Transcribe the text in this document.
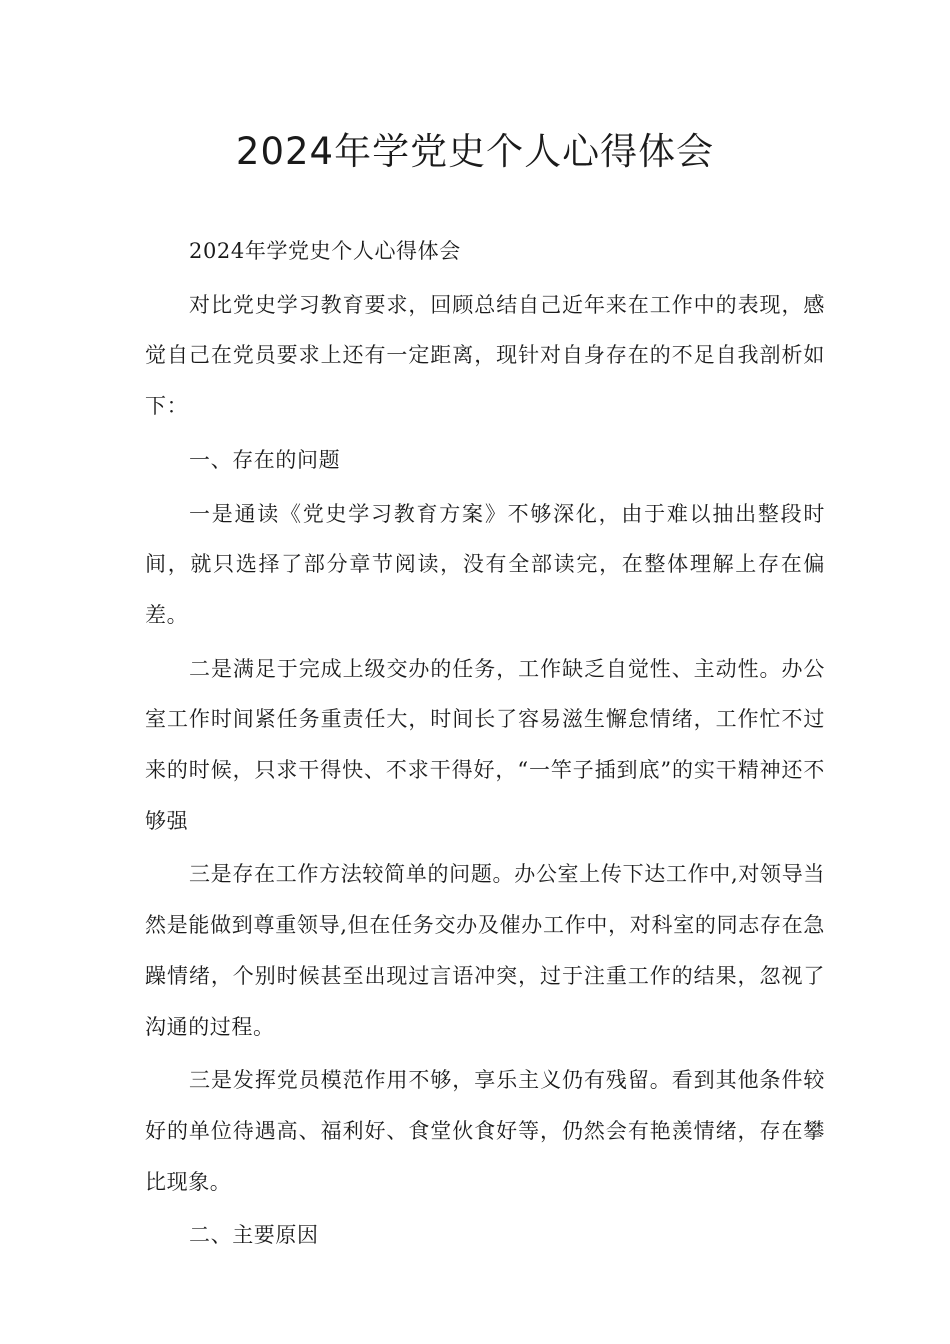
2024年学党史个人心得体会

2024年学党史个人心得体会

对比党史学习教育要求，回顾总结自己近年来在工作中的表现，感觉自己在党员要求上还有一定距离，现针对自身存在的不足自我剖析如下：

一、存在的问题

一是通读《党史学习教育方案》不够深化，由于难以抽出整段时间，就只选择了部分章节阅读，没有全部读完，在整体理解上存在偏差。

二是满足于完成上级交办的任务，工作缺乏自觉性、主动性。办公室工作时间紧任务重责任大，时间长了容易滋生懈怠情绪，工作忙不过来的时候，只求干得快、不求干得好，“一竿子插到底”的实干精神还不够强

三是存在工作方法较简单的问题。办公室上传下达工作中,对领导当然是能做到尊重领导,但在任务交办及催办工作中，对科室的同志存在急躁情绪，个别时候甚至出现过言语冲突，过于注重工作的结果，忽视了沟通的过程。

三是发挥党员模范作用不够，享乐主义仍有残留。看到其他条件较好的单位待遇高、福利好、食堂伙食好等，仍然会有艳羡情绪，存在攀比现象。

二、主要原因
